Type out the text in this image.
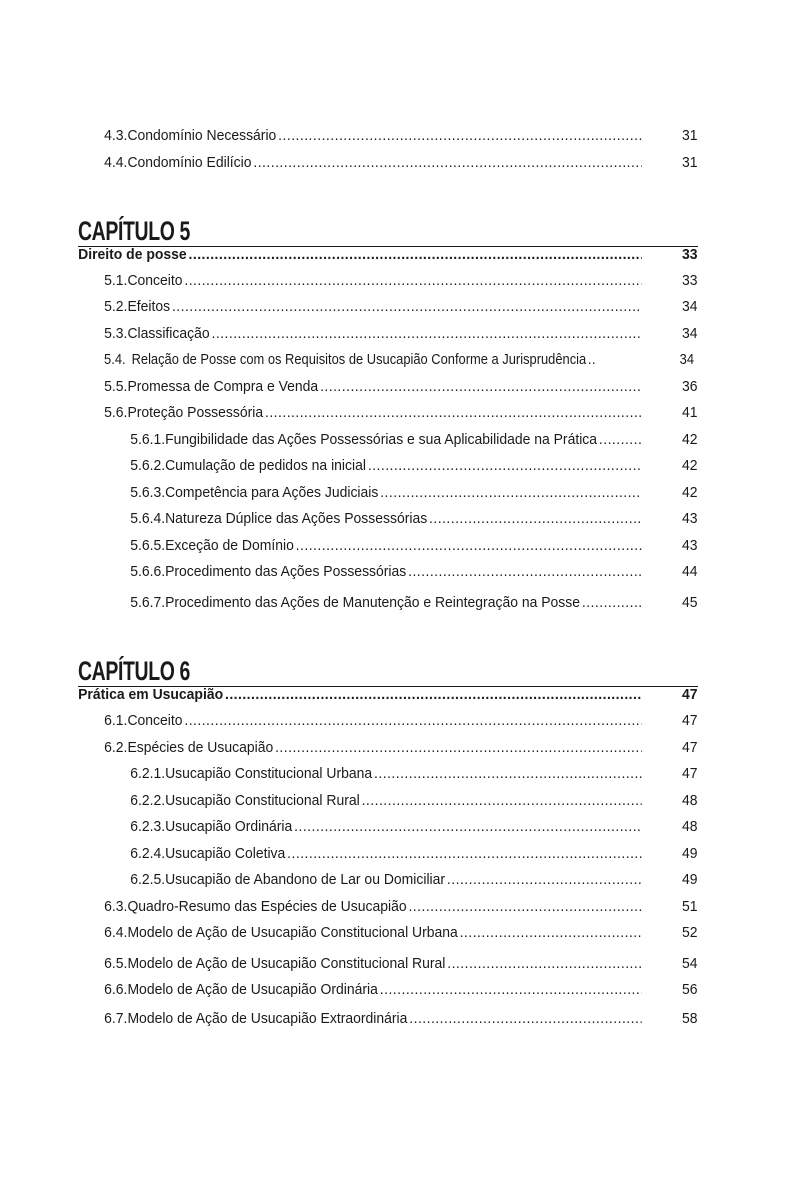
4.3. Condomínio Necessário .....	31
4.4. Condomínio Edilício .....	31
CAPÍTULO 5
Direito de posse .....	33
5.1. Conceito .....	33
5.2. Efeitos .....	34
5.3. Classificação .....	34
5.4. Relação de Posse com os Requisitos de Usucapião Conforme a Jurisprudência .....	34
5.5. Promessa de Compra e Venda .....	36
5.6. Proteção Possessória .....	41
5.6.1. Fungibilidade das Ações Possessórias e sua Aplicabilidade na Prática .....	42
5.6.2. Cumulação de pedidos na inicial .....	42
5.6.3. Competência para Ações Judiciais .....	42
5.6.4. Natureza Dúplice das Ações Possessórias .....	43
5.6.5. Exceção de Domínio .....	43
5.6.6. Procedimento das Ações Possessórias .....	44
5.6.7. Procedimento das Ações de Manutenção e Reintegração na Posse .....	45
CAPÍTULO 6
Prática em Usucapião .....	47
6.1. Conceito .....	47
6.2. Espécies de Usucapião .....	47
6.2.1. Usucapião Constitucional Urbana .....	47
6.2.2. Usucapião Constitucional Rural .....	48
6.2.3. Usucapião Ordinária .....	48
6.2.4. Usucapião Coletiva .....	49
6.2.5. Usucapião de Abandono de Lar ou Domiciliar .....	49
6.3. Quadro-Resumo das Espécies de Usucapião .....	51
6.4. Modelo de Ação de Usucapião Constitucional Urbana .....	52
6.5. Modelo de Ação de Usucapião Constitucional Rural .....	54
6.6. Modelo de Ação de Usucapião Ordinária .....	56
6.7. Modelo de Ação de Usucapião Extraordinária .....	58
